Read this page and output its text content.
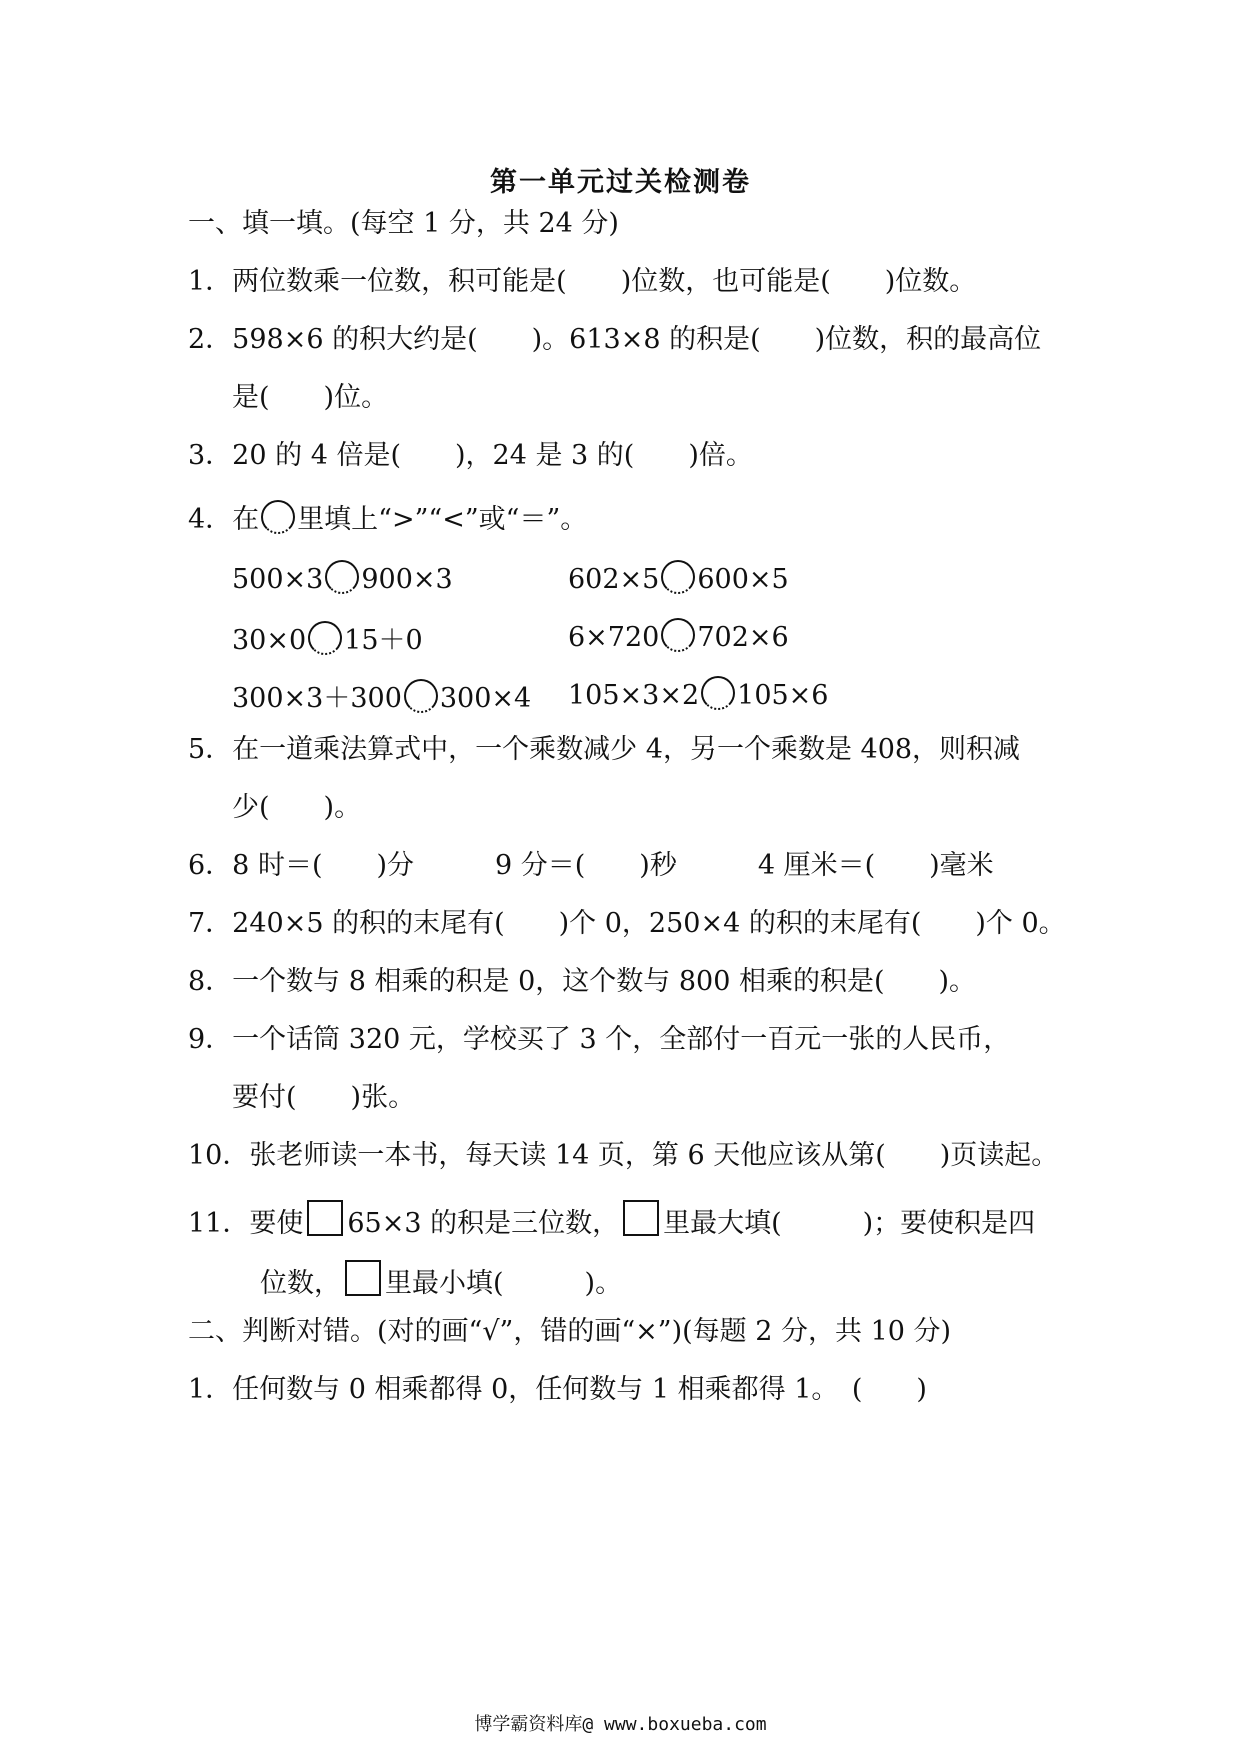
第一单元过关检测卷
一、填一填。(每空 1 分，共 24 分)
1．两位数乘一位数，积可能是(　　)位数，也可能是(　　)位数。
2．598×6 的积大约是(　　)。613×8 的积是(　　)位数，积的最高位
是(　　)位。
3．20 的 4 倍是(　　)，24 是 3 的(　　)倍。
4．在 里填上“>”“<”或“＝”。
500×3 900×3	602×5 600×5
30×0 15＋0	6×720 702×6
300×3＋300 300×4 105×3×2 105×6
5．在一道乘法算式中，一个乘数减少 4，另一个乘数是 408，则积减
少(　　)。
6．8 时＝(　　)分　　　9 分＝(　　)秒　　　4 厘米＝(　　)毫米
7．240×5 的积的末尾有(　　)个 0，250×4 的积的末尾有(　　)个 0。
8．一个数与 8 相乘的积是 0，这个数与 800 相乘的积是(　　)。
9．一个话筒 320 元，学校买了 3 个，全部付一百元一张的人民币，
要付(　　)张。
10．张老师读一本书，每天读 14 页，第 6 天他应该从第(　　)页读起。
11．要使 65×3 的积是三位数， 里最大填(　　　)；要使积是四
位数， 里最小填(　　　)。
二、判断对错。(对的画“√”，错的画“×”)(每题 2 分，共 10 分)
1．任何数与 0 相乘都得 0，任何数与 1 相乘都得 1。　(　　)
博学霸资料库@ www.boxueba.com
